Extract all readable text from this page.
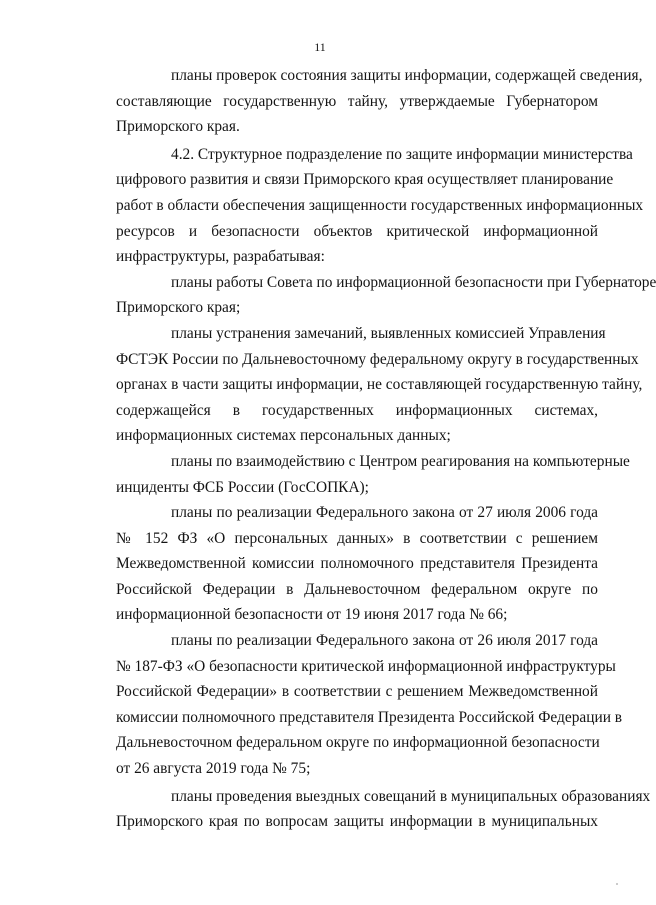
11
планы проверок состояния защиты информации, содержащей сведения,
составляющие государственную тайну, утверждаемые Губернатором
Приморского края.
4.2. Структурное подразделение по защите информации министерства
цифрового развития и связи Приморского края осуществляет планирование
работ в области обеспечения защищенности государственных информационных
ресурсов и безопасности объектов критической информационной
инфраструктуры, разрабатывая:
планы работы Совета по информационной безопасности при Губернаторе
Приморского края;
планы устранения замечаний, выявленных комиссией Управления
ФСТЭК России по Дальневосточному федеральному округу в государственных
органах в части защиты информации, не составляющей государственную тайну,
содержащейся в государственных информационных системах,
информационных системах персональных данных;
планы по взаимодействию с Центром реагирования на компьютерные
инциденты ФСБ России (ГосСОПКА);
планы по реализации Федерального закона от 27 июля 2006 года
№ 152 ФЗ «О персональных данных» в соответствии с решением
Межведомственной комиссии полномочного представителя Президента
Российской Федерации в Дальневосточном федеральном округе по
информационной безопасности от 19 июня 2017 года № 66;
планы по реализации Федерального закона от 26 июля 2017 года
№ 187-ФЗ «О безопасности критической информационной инфраструктуры
Российской Федерации» в соответствии с решением Межведомственной
комиссии полномочного представителя Президента Российской Федерации в
Дальневосточном федеральном округе по информационной безопасности
от 26 августа 2019 года № 75;
планы проведения выездных совещаний в муниципальных образованиях
Приморского края по вопросам защиты информации в муниципальных
